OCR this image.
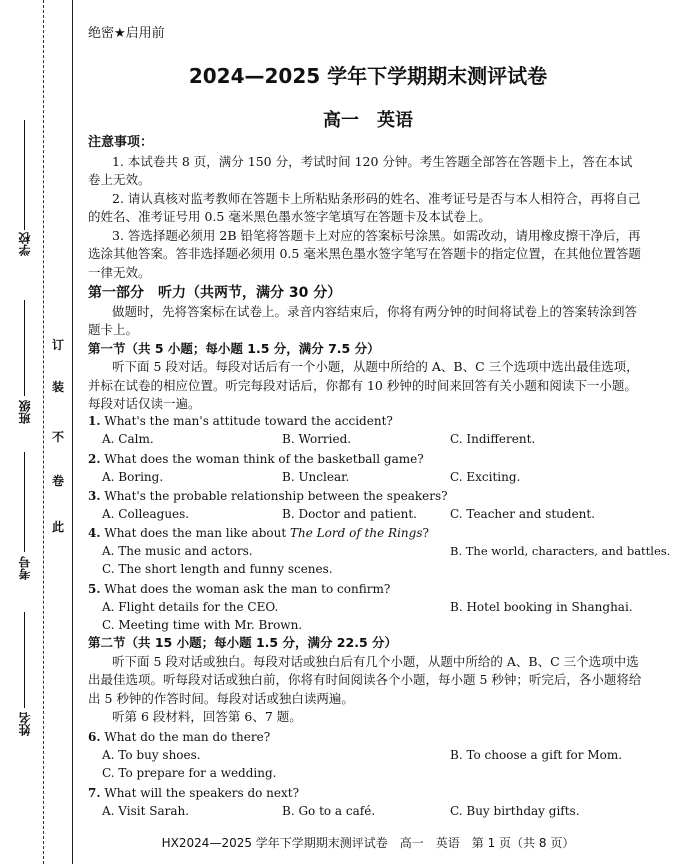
学校
班级
考号
姓名
订
装
不
卷
此
绝密★启用前
2024—2025 学年下学期期末测评试卷
高一　英语
注意事项：

1. 本试卷共 8 页，满分 150 分，考试时间 120 分钟。考生答题全部答在答题卡上，答在本试卷上无效。

2. 请认真核对监考教师在答题卡上所粘贴条形码的姓名、准考证号是否与本人相符合，再将自己的姓名、准考证号用 0.5 毫米黑色墨水签字笔填写在答题卡及本试卷上。

3. 答选择题必须用 2B 铅笔将答题卡上对应的答案标号涂黑。如需改动，请用橡皮擦干净后，再选涂其他答案。答非选择题必须用 0.5 毫米黑色墨水签字笔写在答题卡的指定位置，在其他位置答题一律无效。

第一部分　听力（共两节，满分 30 分）

做题时，先将答案标在试卷上。录音内容结束后，你将有两分钟的时间将试卷上的答案转涂到答题卡上。

第一节（共 5 小题；每小题 1.5 分，满分 7.5 分）

听下面 5 段对话。每段对话后有一个小题，从题中所给的 A、B、C 三个选项中选出最佳选项，并标在试卷的相应位置。听完每段对话后，你都有 10 秒钟的时间来回答有关小题和阅读下一小题。每段对话仅读一遍。

1. What's the man's attitude toward the accident?
A. Calm.	B. Worried.	C. Indifferent.
2. What does the woman think of the basketball game?
A. Boring.	B. Unclear.	C. Exciting.
3. What's the probable relationship between the speakers?
A. Colleagues.	B. Doctor and patient.	C. Teacher and student.
4. What does the man like about The Lord of the Rings?
A. The music and actors.	B. The world, characters, and battles.
C. The short length and funny scenes.
5. What does the woman ask the man to confirm?
A. Flight details for the CEO.	B. Hotel booking in Shanghai.
C. Meeting time with Mr. Brown.
第二节（共 15 小题；每小题 1.5 分，满分 22.5 分）

听下面 5 段对话或独白。每段对话或独白后有几个小题，从题中所给的 A、B、C 三个选项中选出最佳选项。听每段对话或独白前，你将有时间阅读各个小题，每小题 5 秒钟；听完后，各小题将给出 5 秒钟的作答时间。每段对话或独白读两遍。

听第 6 段材料，回答第 6、7 题。

6. What do the man do there?
A. To buy shoes.	B. To choose a gift for Mom.
C. To prepare for a wedding.
7. What will the speakers do next?
A. Visit Sarah.	B. Go to a café.	C. Buy birthday gifts.
HX2024—2025 学年下学期期末测评试卷　高一　英语　第 1 页（共 8 页）
